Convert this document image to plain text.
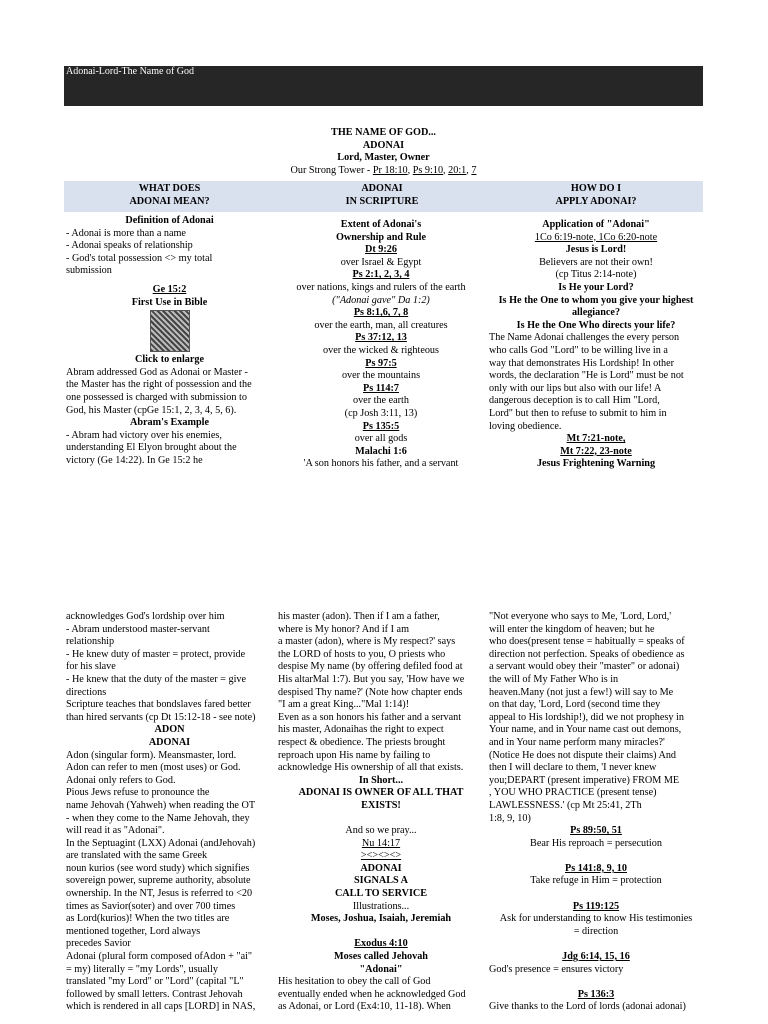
Adonai-Lord-The Name of God
THE NAME OF GOD...
ADONAI
Lord, Master, Owner
Our Strong Tower - Pr 18:10, Ps 9:10, 20:1, 7
WHAT DOES
ADONAI MEAN?
ADONAI
IN SCRIPTURE
HOW DO I
APPLY ADONAI?
Definition of Adonai
- Adonai is more than a name
- Adonai speaks of relationship
- God's total possession <> my total
submission
Ge 15:2
First Use in Bible
Click to enlarge
Abram addressed God as Adonai or Master -
the Master has the right of possession and the
one possessed is charged with submission to
God, his Master (cpGe 15:1, 2, 3, 4, 5, 6).
Abram's Example
- Abram had victory over his enemies,
understanding El Elyon brought about the
victory (Ge 14:22). In Ge 15:2 he
Extent of Adonai's
Ownership and Rule
Dt 9:26
over Israel & Egypt
Ps 2:1, 2, 3, 4
over nations, kings and rulers of the earth
("Adonai gave" Da 1:2)
Ps 8:1,6, 7, 8
over the earth, man, all creatures
Ps 37:12, 13
over the wicked & righteous
Ps 97:5
over the mountains
Ps 114:7
over the earth
(cp Josh 3:11, 13)
Ps 135:5
over all gods
Malachi 1:6
'A son honors his father, and a servant
Application of "Adonai"
1Co 6:19-note, 1Co 6:20-note
Jesus is Lord!
Believers are not their own!
(cp Titus 2:14-note)
Is He your Lord?
Is He the One to whom you give your highest
allegiance?
Is He the One Who directs your life?
The Name Adonai challenges the every person
who calls God "Lord" to be willing live in a
way that demonstrates His Lordship! In other
words, the declaration "He is Lord" must be not
only with our lips but also with our life! A
dangerous deception is to call Him "Lord,
Lord" but then to refuse to submit to him in
loving obedience.
Mt 7:21-note,
Mt 7:22, 23-note
Jesus Frightening Warning
acknowledges God's lordship over him
- Abram understood master-servant
relationship
- He knew duty of master = protect, provide
for his slave
- He knew that the duty of the master = give
directions
Scripture teaches that bondslaves fared better
than hired servants (cp Dt 15:12-18 - see note)
ADON
ADONAI
Adon (singular form). Meansmaster, lord.
Adon can refer to men (most uses) or God.
Adonai only refers to God.
Pious Jews refuse to pronounce the
name Jehovah (Yahweh) when reading the OT
- when they come to the Name Jehovah, they
will read it as "Adonai".
In the Septuagint (LXX) Adonai (andJehovah)
are translated with the same Greek
noun kurios (see word study) which signifies
sovereign power, supreme authority, absolute
ownership. In the NT, Jesus is referred to <20
times as Savior(soter) and over 700 times
as Lord(kurios)! When the two titles are
mentioned together, Lord always
precedes Savior
Adonai (plural form composed ofAdon + "ai"
= my) literally = "my Lords", usually
translated "my Lord" or "Lord" (capital "L"
followed by small letters. Contrast Jehovah
which is rendered in all caps [LORD] in NAS,
his master (adon). Then if I am a father,
where is My honor? And if I am
a master (adon), where is My respect?' says
the LORD of hosts to you, O priests who
despise My name (by offering defiled food at
His altarMal 1:7). But you say, 'How have we
despised Thy name?' (Note how chapter ends
"I am a great King..."Mal 1:14)!
Even as a son honors his father and a servant
his master, Adonaihas the right to expect
respect & obedience. The priests brought
reproach upon His name by failing to
acknowledge His ownership of all that exists.
In Short...
ADONAI IS OWNER OF ALL THAT
EXISTS!
And so we pray...
Nu 14:17
><><><>
ADONAI
SIGNALS A
CALL TO SERVICE
Illustrations...
Moses, Joshua, Isaiah, Jeremiah
Exodus 4:10
Moses called Jehovah
"Adonai"
His hesitation to obey the call of God
eventually ended when he acknowledged God
as Adonai, or Lord (Ex4:10, 11-18). When
"Not everyone who says to Me, 'Lord, Lord,'
will enter the kingdom of heaven; but he
who does(present tense = habitually = speaks of
direction not perfection. Speaks of obedience as
a servant would obey their "master" or adonai)
the will of My Father Who is in
heaven.Many (not just a few!) will say to Me
on that day, 'Lord, Lord (second time they
appeal to His lordship!), did we not prophesy in
Your name, and in Your name cast out demons,
and in Your name perform many miracles?'
(Notice He does not dispute their claims) And
then I will declare to them, 'I never knew
you;DEPART (present imperative) FROM ME
, YOU WHO PRACTICE (present tense)
LAWLESSNESS.' (cp Mt 25:41, 2Th
1:8, 9, 10)
Ps 89:50, 51
Bear His reproach = persecution
Ps 141:8, 9, 10
Take refuge in Him = protection
Ps 119:125
Ask for understanding to know His testimonies
= direction
Jdg 6:14, 15, 16
God's presence = ensures victory
Ps 136:3
Give thanks to the Lord of lords (adonai adonai)
